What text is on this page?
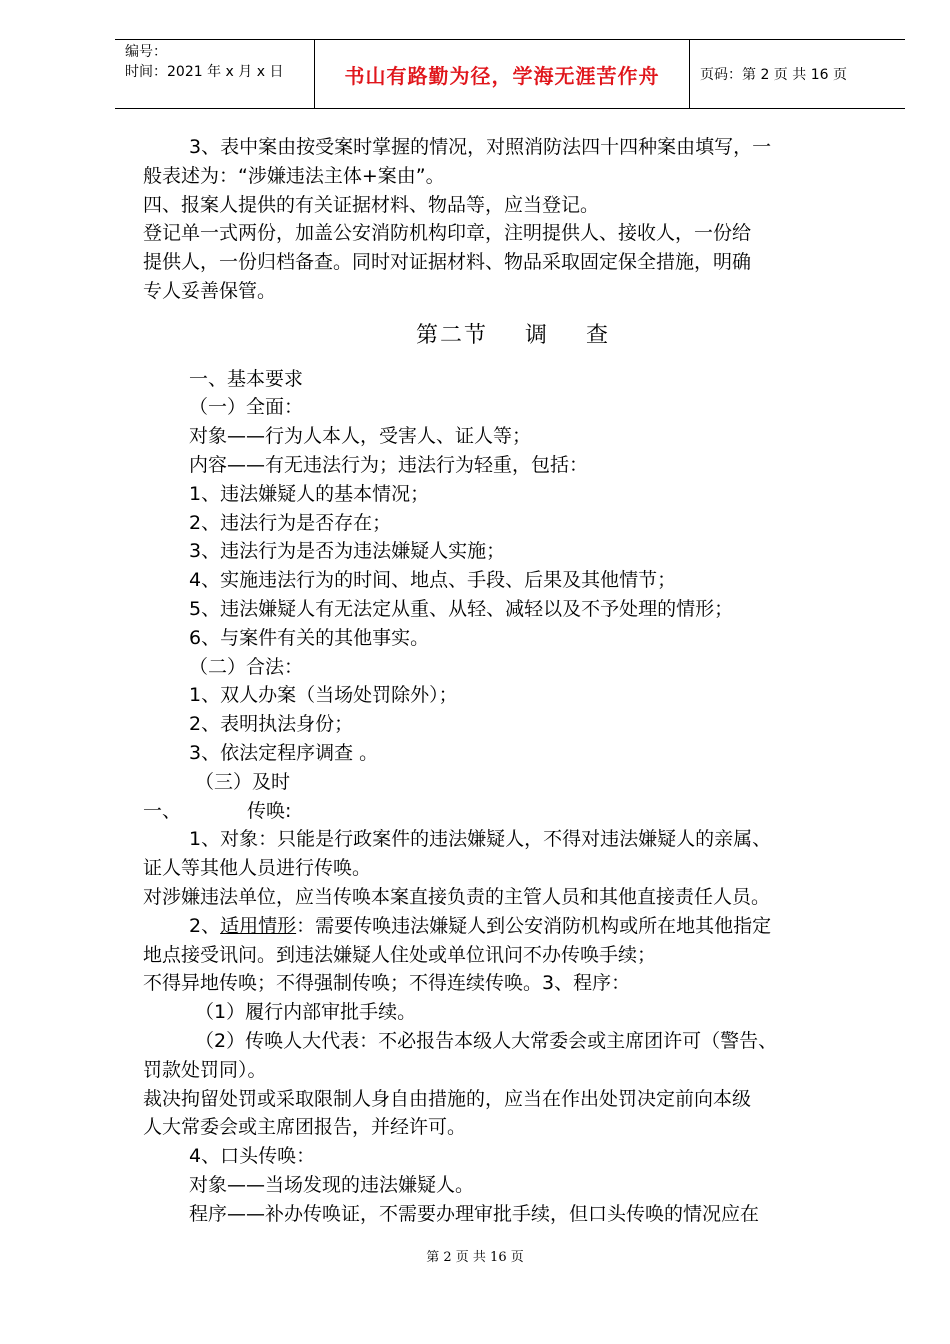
编号：
时间：2021 年 x 月 x 日	书山有路勤为径，学海无涯苦作舟	页码：第 2 页 共 16 页

3、表中案由按受案时掌握的情况，对照消防法四十四种案由填写，一

般表述为：“涉嫌违法主体+案由”。

四、报案人提供的有关证据材料、物品等，应当登记。

登记单一式两份，加盖公安消防机构印章，注明提供人、接收人，一份给

提供人，一份归档备查。同时对证据材料、物品采取固定保全措施，明确

专人妥善保管。

第二节 调 查

一、基本要求

（一）全面：

对象——行为人本人，受害人、证人等；

内容——有无违法行为；违法行为轻重，包括：

1、违法嫌疑人的基本情况；

2、违法行为是否存在；

3、违法行为是否为违法嫌疑人实施；

4、实施违法行为的时间、地点、手段、后果及其他情节；

5、违法嫌疑人有无法定从重、从轻、减轻以及不予处理的情形；

6、与案件有关的其他事实。

（二）合法：

1、双人办案（当场处罚除外）；

2、表明执法身份；

3、依法定程序调查 。

（三）及时

一、	传唤:

1、对象：只能是行政案件的违法嫌疑人，不得对违法嫌疑人的亲属、

证人等其他人员进行传唤。

对涉嫌违法单位，应当传唤本案直接负责的主管人员和其他直接责任人员。

2、适用情形：需要传唤违法嫌疑人到公安消防机构或所在地其他指定

地点接受讯问。到违法嫌疑人住处或单位讯问不办传唤手续；

不得异地传唤；不得强制传唤；不得连续传唤。3、程序：

（1）履行内部审批手续。

（2）传唤人大代表：不必报告本级人大常委会或主席团许可（警告、

罚款处罚同）。

裁决拘留处罚或采取限制人身自由措施的，应当在作出处罚决定前向本级

人大常委会或主席团报告，并经许可。

4、口头传唤：

对象——当场发现的违法嫌疑人。

程序——补办传唤证，不需要办理审批手续，但口头传唤的情况应在

第 2 页 共 16 页
